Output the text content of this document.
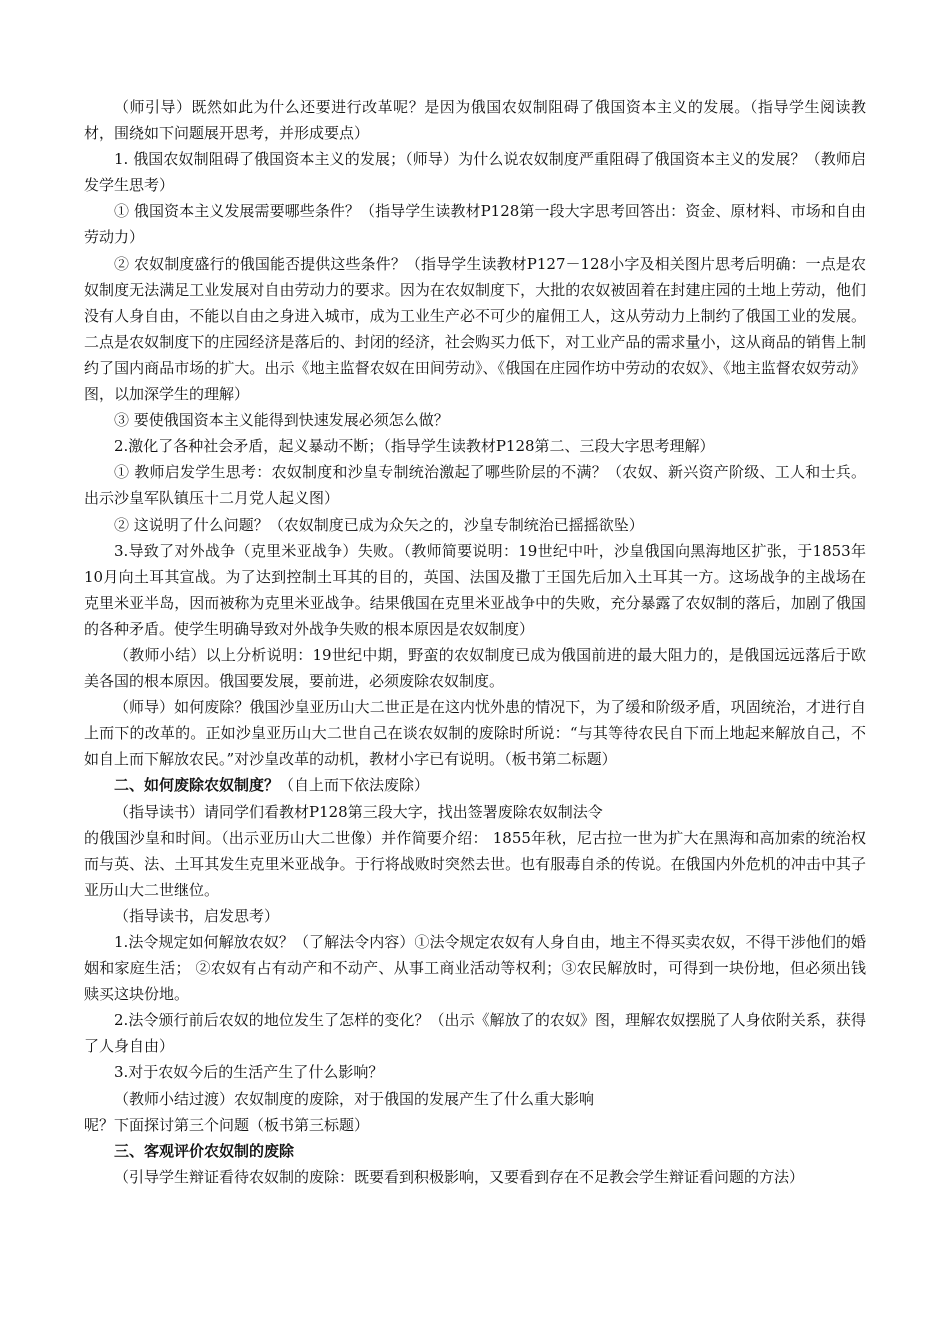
（师引导）既然如此为什么还要进行改革呢？是因为俄国农奴制阻碍了俄国资本主义的发展。（指导学生阅读教材，围绕如下问题展开思考，并形成要点）

1. 俄国农奴制阻碍了俄国资本主义的发展；（师导）为什么说农奴制度严重阻碍了俄国资本主义的发展？（教师启发学生思考）

① 俄国资本主义发展需要哪些条件？（指导学生读教材P128第一段大字思考回答出：资金、原材料、市场和自由劳动力）

② 农奴制度盛行的俄国能否提供这些条件？（指导学生读教材P127－128小字及相关图片思考后明确：一点是农奴制度无法满足工业发展对自由劳动力的要求。因为在农奴制度下，大批的农奴被固着在封建庄园的土地上劳动，他们没有人身自由，不能以自由之身进入城市，成为工业生产必不可少的雇佣工人，这从劳动力上制约了俄国工业的发展。二点是农奴制度下的庄园经济是落后的、封闭的经济，社会购买力低下，对工业产品的需求量小，这从商品的销售上制约了国内商品市场的扩大。出示《地主监督农奴在田间劳动》、《俄国在庄园作坊中劳动的农奴》、《地主监督农奴劳动》图，以加深学生的理解）

③ 要使俄国资本主义能得到快速发展必须怎么做？

2.激化了各种社会矛盾，起义暴动不断；（指导学生读教材P128第二、三段大字思考理解）

① 教师启发学生思考：农奴制度和沙皇专制统治激起了哪些阶层的不满？（农奴、新兴资产阶级、工人和士兵。出示沙皇军队镇压十二月党人起义图）

② 这说明了什么问题？（农奴制度已成为众矢之的，沙皇专制统治已摇摇欲坠）

3.导致了对外战争（克里米亚战争）失败。（教师简要说明：19世纪中叶，沙皇俄国向黑海地区扩张，于1853年10月向土耳其宣战。为了达到控制土耳其的目的，英国、法国及撒丁王国先后加入土耳其一方。这场战争的主战场在克里米亚半岛，因而被称为克里米亚战争。结果俄国在克里米亚战争中的失败，充分暴露了农奴制的落后，加剧了俄国的各种矛盾。使学生明确导致对外战争失败的根本原因是农奴制度）

（教师小结）以上分析说明：19世纪中期，野蛮的农奴制度已成为俄国前进的最大阻力的，是俄国远远落后于欧美各国的根本原因。俄国要发展，要前进，必须废除农奴制度。

（师导）如何废除？俄国沙皇亚历山大二世正是在这内忧外患的情况下，为了缓和阶级矛盾，巩固统治，才进行自上而下的改革的。正如沙皇亚历山大二世自己在谈农奴制的废除时所说：“与其等待农民自下而上地起来解放自己，不如自上而下解放农民。”对沙皇改革的动机，教材小字已有说明。（板书第二标题）

二、如何废除农奴制度？（自上而下依法废除）

（指导读书）请同学们看教材P128第三段大字，找出签署废除农奴制法令

的俄国沙皇和时间。（出示亚历山大二世像）并作简要介绍： 1855年秋，尼古拉一世为扩大在黑海和高加索的统治权而与英、法、土耳其发生克里米亚战争。于行将战败时突然去世。也有服毒自杀的传说。在俄国内外危机的冲击中其子亚历山大二世继位。

（指导读书，启发思考）

1.法令规定如何解放农奴？（了解法令内容）①法令规定农奴有人身自由，地主不得买卖农奴，不得干涉他们的婚姻和家庭生活； ②农奴有占有动产和不动产、从事工商业活动等权利；③农民解放时，可得到一块份地，但必须出钱赎买这块份地。

2.法令颁行前后农奴的地位发生了怎样的变化？（出示《解放了的农奴》图，理解农奴摆脱了人身依附关系，获得了人身自由）

3.对于农奴今后的生活产生了什么影响？

（教师小结过渡）农奴制度的废除，对于俄国的发展产生了什么重大影响

呢？下面探讨第三个问题（板书第三标题）

三、客观评价农奴制的废除

（引导学生辩证看待农奴制的废除：既要看到积极影响，又要看到存在不足教会学生辩证看问题的方法）
